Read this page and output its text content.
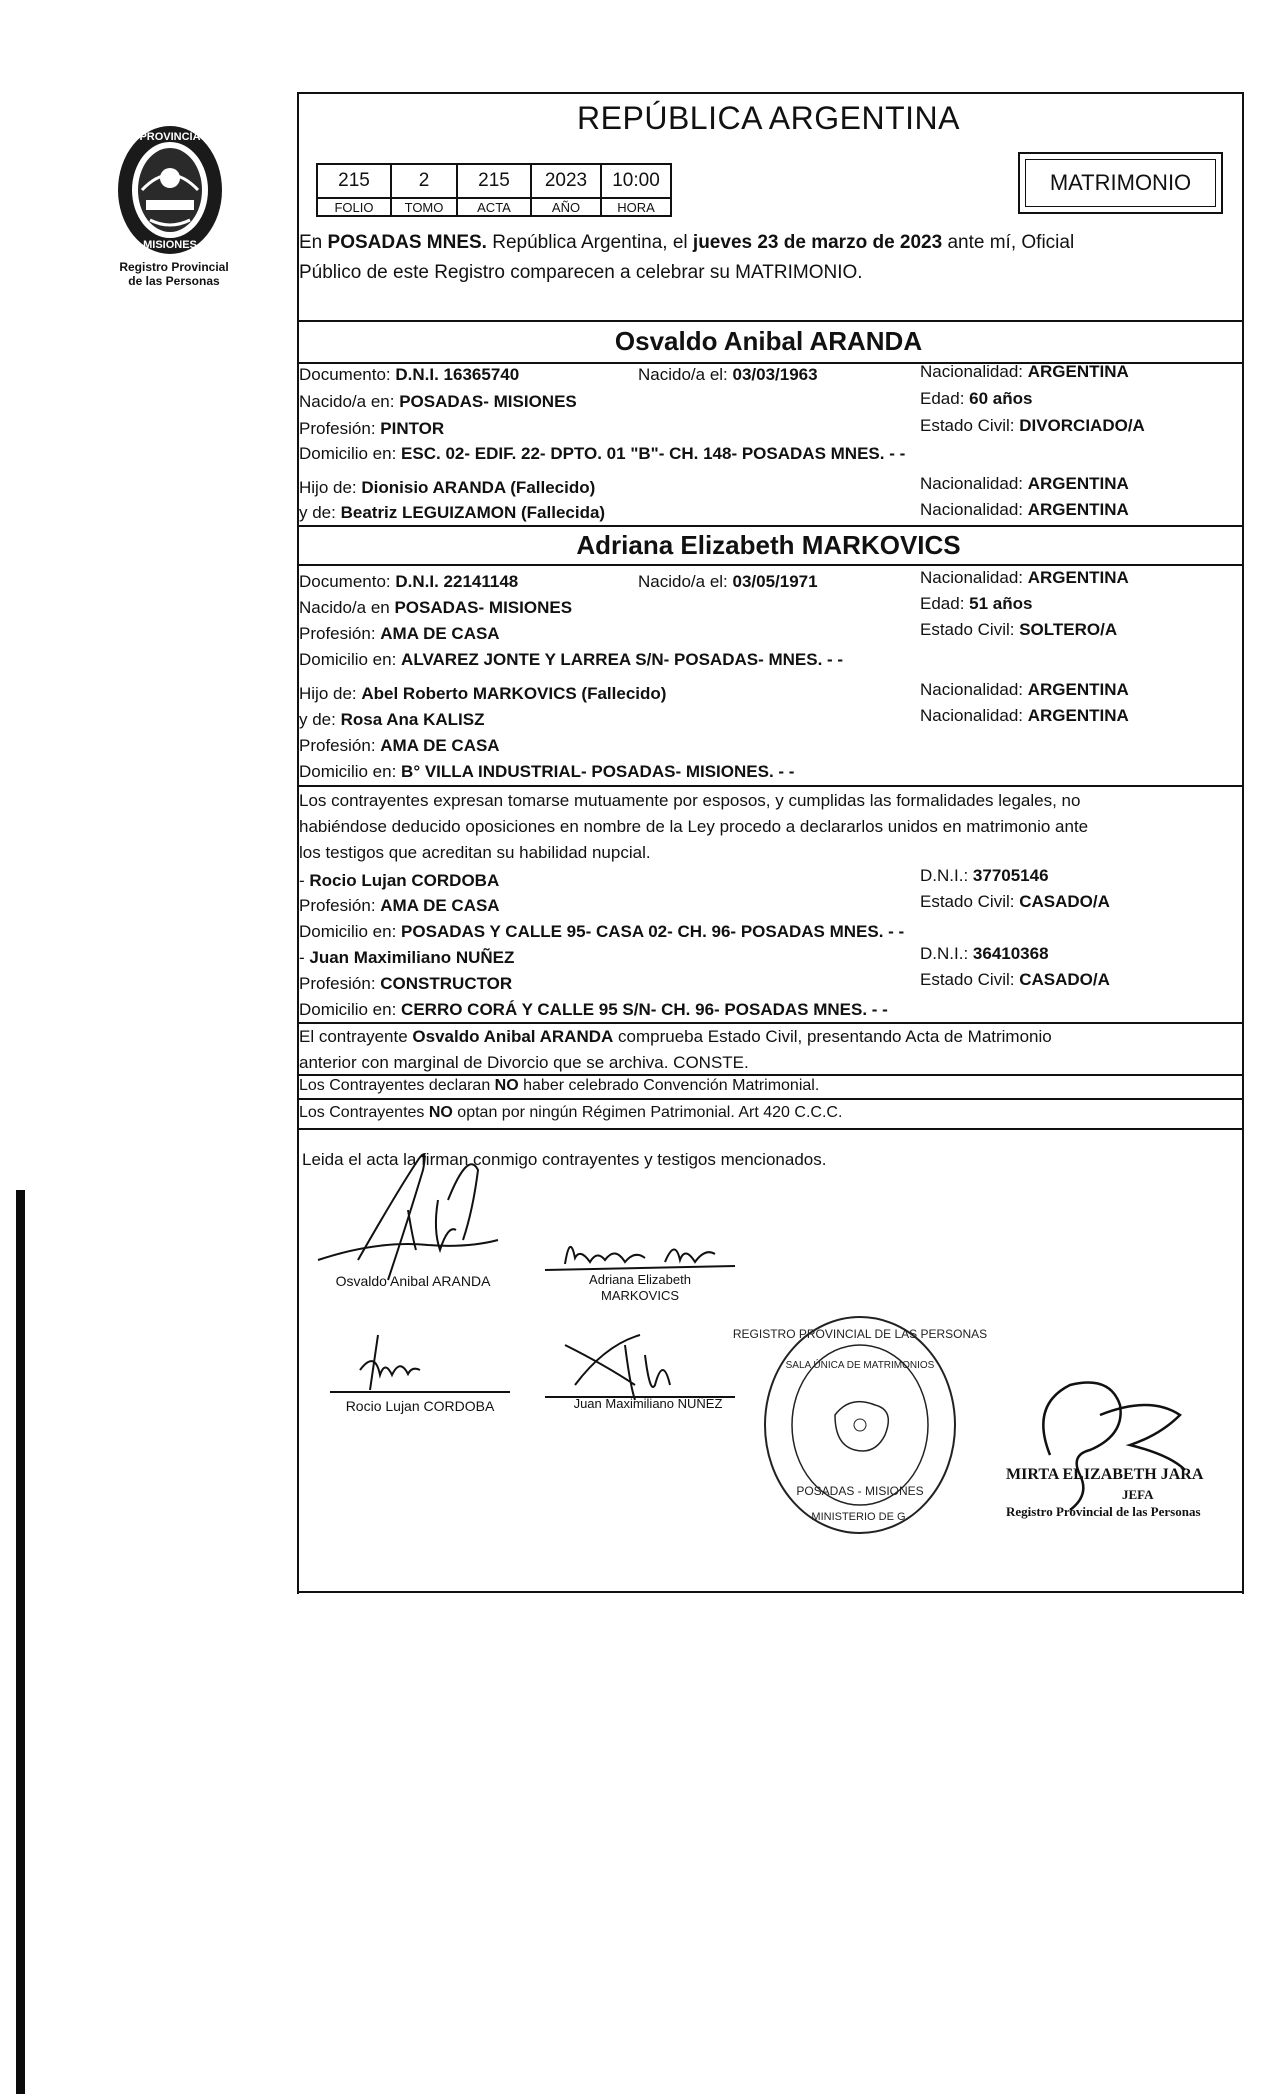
PROVINCIA
MISIONES
Registro Provincial
de las Personas
REPÚBLICA ARGENTINA
215	2	215	2023	10:00
FOLIO	TOMO	ACTA	AÑO	HORA
MATRIMONIO
En POSADAS MNES. República Argentina, el jueves 23 de marzo de 2023 ante mí, Oficial
Público de este Registro comparecen a celebrar su MATRIMONIO.
Osvaldo Anibal ARANDA
Documento: D.N.I. 16365740	Nacido/a el: 03/03/1963	Nacionalidad: ARGENTINA
Nacido/a en: POSADAS- MISIONES	Edad: 60 años
Profesión: PINTOR	Estado Civil: DIVORCIADO/A
Domicilio en: ESC. 02- EDIF. 22- DPTO. 01 "B"- CH. 148- POSADAS MNES. - -
Hijo de: Dionisio ARANDA (Fallecido)	Nacionalidad: ARGENTINA
y de: Beatriz LEGUIZAMON (Fallecida)	Nacionalidad: ARGENTINA
Adriana Elizabeth MARKOVICS
Documento: D.N.I. 22141148	Nacido/a el: 03/05/1971	Nacionalidad: ARGENTINA
Nacido/a en POSADAS- MISIONES	Edad: 51 años
Profesión: AMA DE CASA	Estado Civil: SOLTERO/A
Domicilio en: ALVAREZ JONTE Y LARREA S/N- POSADAS- MNES. - -
Hijo de: Abel Roberto MARKOVICS (Fallecido)	Nacionalidad: ARGENTINA
y de: Rosa Ana KALISZ	Nacionalidad: ARGENTINA
Profesión: AMA DE CASA
Domicilio en: B° VILLA INDUSTRIAL- POSADAS- MISIONES. - -
Los contrayentes expresan tomarse mutuamente por esposos, y cumplidas las formalidades legales, no
habiéndose deducido oposiciones en nombre de la Ley procedo a declararlos unidos en matrimonio ante
los testigos que acreditan su habilidad nupcial.
- Rocio Lujan CORDOBA	D.N.I.: 37705146
Profesión: AMA DE CASA	Estado Civil: CASADO/A
Domicilio en: POSADAS Y CALLE 95- CASA 02- CH. 96- POSADAS MNES. - -
- Juan Maximiliano NUÑEZ	D.N.I.: 36410368
Profesión: CONSTRUCTOR	Estado Civil: CASADO/A
Domicilio en: CERRO CORÁ Y CALLE 95 S/N- CH. 96- POSADAS MNES. - -
El contrayente Osvaldo Anibal ARANDA comprueba Estado Civil, presentando Acta de Matrimonio
anterior con marginal de Divorcio que se archiva. CONSTE.
Los Contrayentes declaran NO haber celebrado Convención Matrimonial.
Los Contrayentes NO optan por ningún Régimen Patrimonial. Art 420 C.C.C.
Leida el acta la firman conmigo contrayentes y testigos mencionados.
Osvaldo Anibal ARANDA	Adriana Elizabeth
MARKOVICS
Rocio Lujan CORDOBA	Juan Maximiliano NUÑEZ
REGISTRO PROVINCIAL DE LAS PERSONAS
SALA ÚNICA DE MATRIMONIOS
POSADAS - MISIONES
MINISTERIO DE G.
MIRTA ELIZABETH JARA
JEFA
Registro Provincial de las Personas
